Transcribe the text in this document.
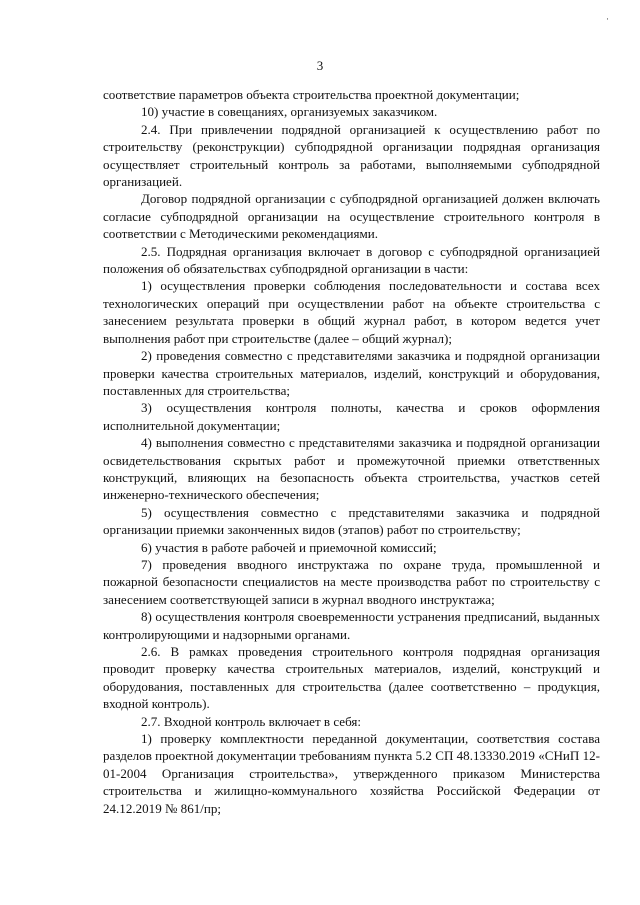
·
3

соответствие параметров объекта строительства проектной документации;

10) участие в совещаниях, организуемых заказчиком.

2.4. При привлечении подрядной организацией к осуществлению работ по строительству (реконструкции) субподрядной организации подрядная организация осуществляет строительный контроль за работами, выполняемыми субподрядной организацией.

Договор подрядной организации с субподрядной организацией должен включать согласие субподрядной организации на осуществление строительного контроля в соответствии с Методическими рекомендациями.

2.5. Подрядная организация включает в договор с субподрядной организацией положения об обязательствах субподрядной организации в части:

1) осуществления проверки соблюдения последовательности и состава всех технологических операций при осуществлении работ на объекте строительства с занесением результата проверки в общий журнал работ, в котором ведется учет выполнения работ при строительстве (далее – общий журнал);

2) проведения совместно с представителями заказчика и подрядной организации проверки качества строительных материалов, изделий, конструкций и оборудования, поставленных для строительства;

3) осуществления контроля полноты, качества и сроков оформления исполнительной документации;

4) выполнения совместно с представителями заказчика и подрядной организации освидетельствования скрытых работ и промежуточной приемки ответственных конструкций, влияющих на безопасность объекта строительства, участков сетей инженерно-технического обеспечения;

5) осуществления совместно с представителями заказчика и подрядной организации приемки законченных видов (этапов) работ по строительству;

6) участия в работе рабочей и приемочной комиссий;

7) проведения вводного инструктажа по охране труда, промышленной и пожарной безопасности специалистов на месте производства работ по строительству с занесением соответствующей записи в журнал вводного инструктажа;

8) осуществления контроля своевременности устранения предписаний, выданных контролирующими и надзорными органами.

2.6. В рамках проведения строительного контроля подрядная организация проводит проверку качества строительных материалов, изделий, конструкций и оборудования, поставленных для строительства (далее соответственно – продукция, входной контроль).

2.7. Входной контроль включает в себя:

1) проверку комплектности переданной документации, соответствия состава разделов проектной документации требованиям пункта 5.2 СП 48.13330.2019 «СНиП 12-01-2004 Организация строительства», утвержденного приказом Министерства строительства и жилищно-коммунального хозяйства Российской Федерации от 24.12.2019 № 861/пр;
